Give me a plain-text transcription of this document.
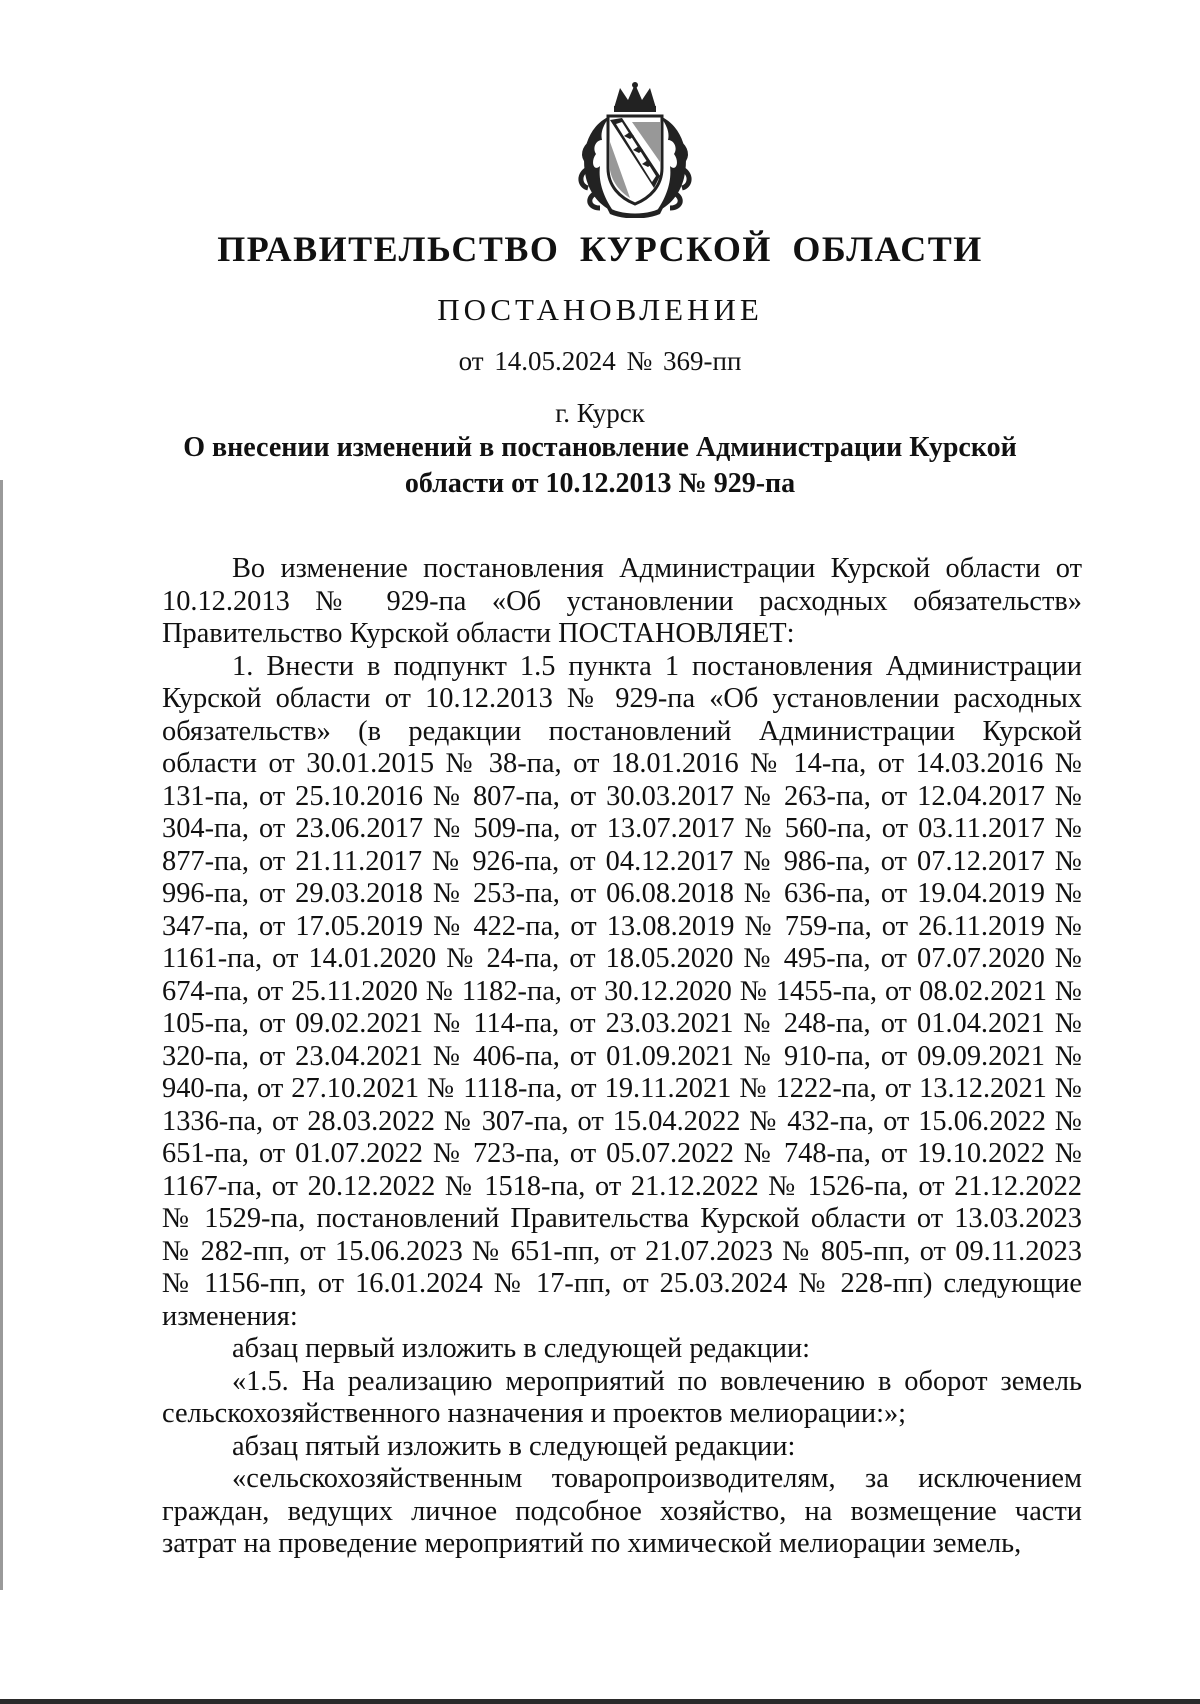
ПРАВИТЕЛЬСТВО КУРСКОЙ ОБЛАСТИ
ПОСТАНОВЛЕНИЕ
от 14.05.2024 № 369-пп
г. Курск
О внесении изменений в постановление Администрации Курской
области от 10.12.2013 № 929-па

Во изменение постановления Администрации Курской области от 10.12.2013 № 929-па «Об установлении расходных обязательств» Правительство Курской области ПОСТАНОВЛЯЕТ:

1. Внести в подпункт 1.5 пункта 1 постановления Администрации Курской области от 10.12.2013 № 929-па «Об установлении расходных обязательств» (в редакции постановлений Администрации Курской области от 30.01.2015 № 38-па, от 18.01.2016 № 14-па, от 14.03.2016 № 131-па, от 25.10.2016 № 807-па, от 30.03.2017 № 263-па, от 12.04.2017 № 304-па, от 23.06.2017 № 509-па, от 13.07.2017 № 560-па, от 03.11.2017 № 877-па, от 21.11.2017 № 926-па, от 04.12.2017 № 986-па, от 07.12.2017 № 996-па, от 29.03.2018 № 253-па, от 06.08.2018 № 636-па, от 19.04.2019 № 347-па, от 17.05.2019 № 422-па, от 13.08.2019 № 759-па, от 26.11.2019 № 1161-па, от 14.01.2020 № 24-па, от 18.05.2020 № 495-па, от 07.07.2020 № 674-па, от 25.11.2020 № 1182-па, от 30.12.2020 № 1455-па, от 08.02.2021 № 105-па, от 09.02.2021 № 114-па, от 23.03.2021 № 248-па, от 01.04.2021 № 320-па, от 23.04.2021 № 406-па, от 01.09.2021 № 910-па, от 09.09.2021 № 940-па, от 27.10.2021 № 1118-па, от 19.11.2021 № 1222-па, от 13.12.2021 № 1336-па, от 28.03.2022 № 307-па, от 15.04.2022 № 432-па, от 15.06.2022 № 651-па, от 01.07.2022 № 723-па, от 05.07.2022 № 748-па, от 19.10.2022 № 1167-па, от 20.12.2022 № 1518-па, от 21.12.2022 № 1526-па, от 21.12.2022 № 1529-па, постановлений Правительства Курской области от 13.03.2023 № 282-пп, от 15.06.2023 № 651-пп, от 21.07.2023 № 805-пп, от 09.11.2023 № 1156-пп, от 16.01.2024 № 17-пп, от 25.03.2024 № 228-пп) следующие изменения:

абзац первый изложить в следующей редакции:

«1.5. На реализацию мероприятий по вовлечению в оборот земель сельскохозяйственного назначения и проектов мелиорации:»;

абзац пятый изложить в следующей редакции:

«сельскохозяйственным товаропроизводителям, за исключением граждан, ведущих личное подсобное хозяйство, на возмещение части затрат на проведение мероприятий по химической мелиорации земель,
